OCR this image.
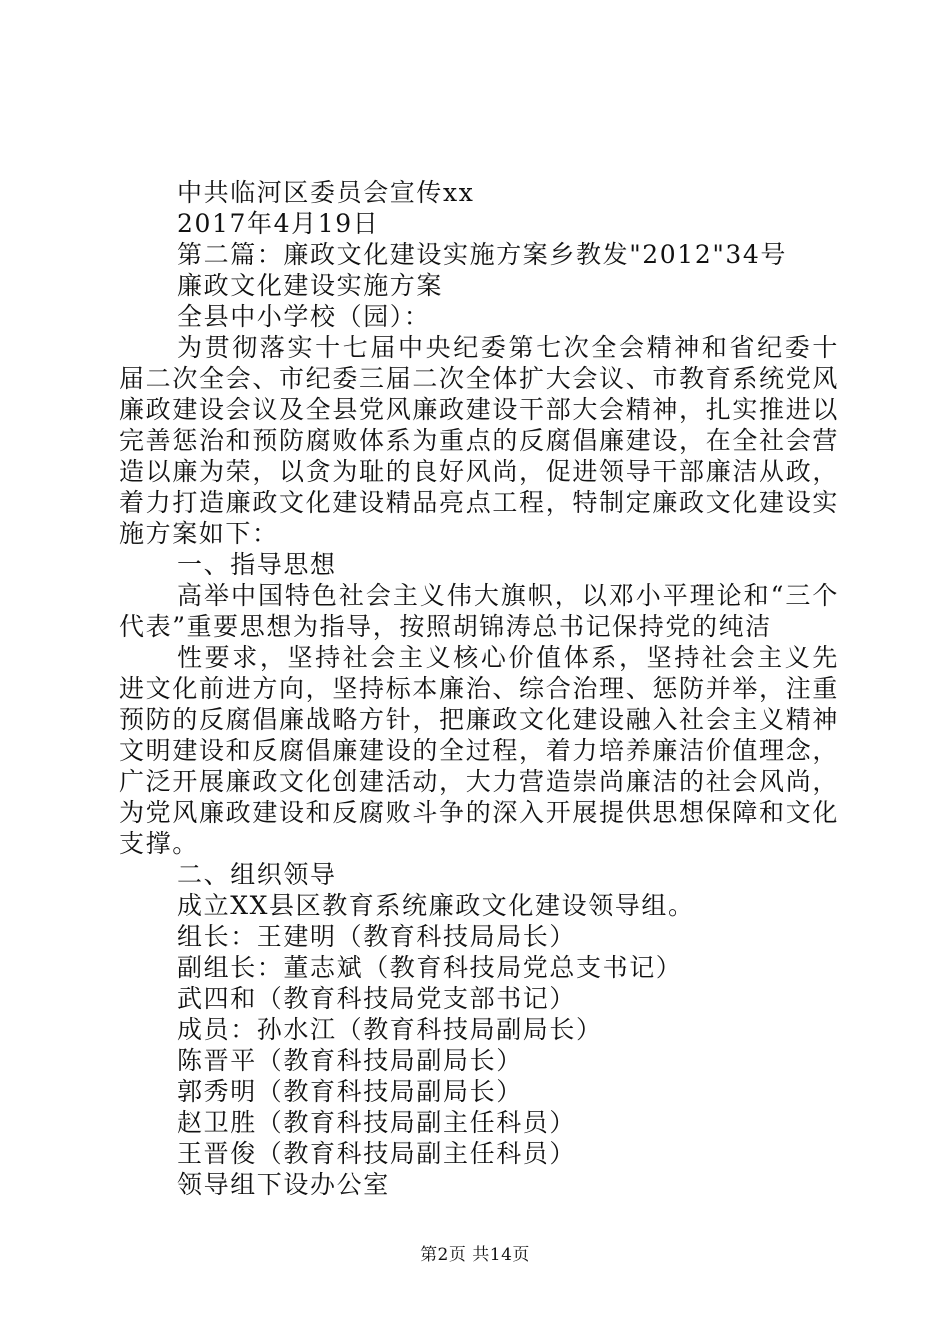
中共临河区委员会宣传xx
2017年4月19日
第二篇：廉政文化建设实施方案乡教发"2012"34号
廉政文化建设实施方案
全县中小学校（园）：

为贯彻落实十七届中央纪委第七次全会精神和省纪委十届二次全会、市纪委三届二次全体扩大会议、市教育系统党风廉政建设会议及全县党风廉政建设干部大会精神，扎实推进以完善惩治和预防腐败体系为重点的反腐倡廉建设，在全社会营造以廉为荣，以贪为耻的良好风尚，促进领导干部廉洁从政，着力打造廉政文化建设精品亮点工程，特制定廉政文化建设实施方案如下：

一、指导思想

高举中国特色社会主义伟大旗帜，以邓小平理论和“三个代表”重要思想为指导，按照胡锦涛总书记保持党的纯洁

性要求，坚持社会主义核心价值体系，坚持社会主义先进文化前进方向，坚持标本廉治、综合治理、惩防并举，注重预防的反腐倡廉战略方针，把廉政文化建设融入社会主义精神文明建设和反腐倡廉建设的全过程，着力培养廉洁价值理念，广泛开展廉政文化创建活动，大力营造崇尚廉洁的社会风尚，为党风廉政建设和反腐败斗争的深入开展提供思想保障和文化支撑。

二、组织领导
成立XX县区教育系统廉政文化建设领导组。
组长：王建明（教育科技局局长）
副组长：董志斌（教育科技局党总支书记）
武四和（教育科技局党支部书记）
成员：孙水江（教育科技局副局长）
陈晋平（教育科技局副局长）
郭秀明（教育科技局副局长）
赵卫胜（教育科技局副主任科员）
王晋俊（教育科技局副主任科员）
领导组下设办公室
第2页 共14页
